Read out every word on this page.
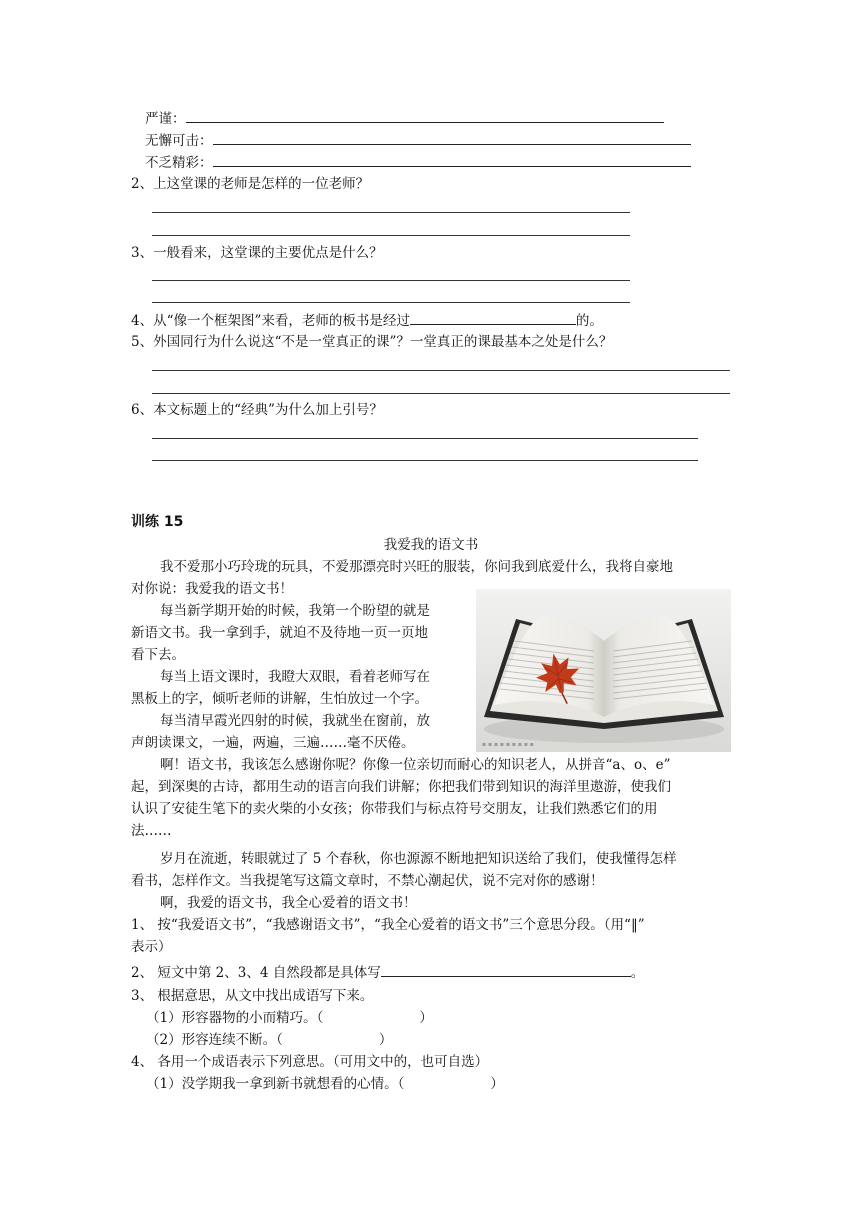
严谨：
无懈可击：
不乏精彩：
2、上这堂课的老师是怎样的一位老师？
3、一般看来，这堂课的主要优点是什么？
4、从“像一个框架图”来看，老师的板书是经过	的。
5、外国同行为什么说这“不是一堂真正的课”？一堂真正的课最基本之处是什么？
6、本文标题上的“经典”为什么加上引号？
训练 15
我爱我的语文书
我不爱那小巧玲珑的玩具，不爱那漂亮时兴旺的服装，你问我到底爱什么，我将自豪地
对你说：我爱我的语文书！
每当新学期开始的时候，我第一个盼望的就是
新语文书。我一拿到手，就迫不及待地一页一页地
看下去。
每当上语文课时，我瞪大双眼，看着老师写在
黑板上的字，倾听老师的讲解，生怕放过一个字。
每当清早霞光四射的时候，我就坐在窗前，放
声朗读课文，一遍，两遍，三遍……毫不厌倦。	▪ ▪ ▪ ▪ ▪ ▪ ▪ ▪ ▪
啊！语文书，我该怎么感谢你呢？你像一位亲切而耐心的知识老人，从拼音“a、o、e”
起，到深奥的古诗，都用生动的语言向我们讲解；你把我们带到知识的海洋里遨游，使我们
认识了安徒生笔下的卖火柴的小女孩；你带我们与标点符号交朋友，让我们熟悉它们的用
法……
岁月在流逝，转眼就过了 5 个春秋，你也源源不断地把知识送给了我们，使我懂得怎样
看书，怎样作文。当我提笔写这篇文章时，不禁心潮起伏，说不完对你的感谢！
啊，我爱的语文书，我全心爱着的语文书！
1、 按“我爱语文书”，“我感谢语文书”，“我全心爱着的语文书”三个意思分段。（用“‖”
表示）
2、 短文中第 2、3、4 自然段都是具体写	。
3、 根据意思，从文中找出成语写下来。
（1）形容器物的小而精巧。（	）
（2）形容连续不断。（	）
4、 各用一个成语表示下列意思。（可用文中的，也可自选）
（1）没学期我一拿到新书就想看的心情。（	）
